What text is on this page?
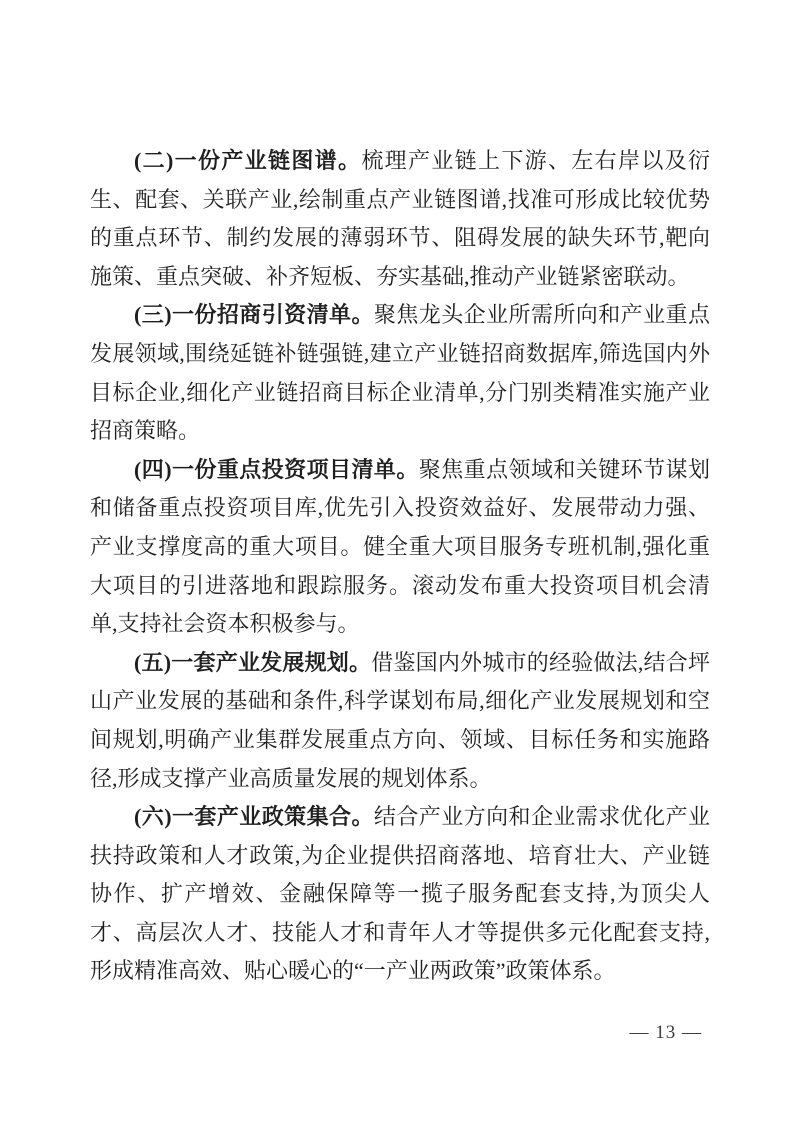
(二)一份产业链图谱。梳理产业链上下游、左右岸以及衍生、配套、关联产业,绘制重点产业链图谱,找准可形成比较优势的重点环节、制约发展的薄弱环节、阻碍发展的缺失环节,靶向施策、重点突破、补齐短板、夯实基础,推动产业链紧密联动。

(三)一份招商引资清单。聚焦龙头企业所需所向和产业重点发展领域,围绕延链补链强链,建立产业链招商数据库,筛选国内外目标企业,细化产业链招商目标企业清单,分门别类精准实施产业招商策略。

(四)一份重点投资项目清单。聚焦重点领域和关键环节谋划和储备重点投资项目库,优先引入投资效益好、发展带动力强、产业支撑度高的重大项目。健全重大项目服务专班机制,强化重大项目的引进落地和跟踪服务。滚动发布重大投资项目机会清单,支持社会资本积极参与。

(五)一套产业发展规划。借鉴国内外城市的经验做法,结合坪山产业发展的基础和条件,科学谋划布局,细化产业发展规划和空间规划,明确产业集群发展重点方向、领域、目标任务和实施路径,形成支撑产业高质量发展的规划体系。

(六)一套产业政策集合。结合产业方向和企业需求优化产业扶持政策和人才政策,为企业提供招商落地、培育壮大、产业链协作、扩产增效、金融保障等一揽子服务配套支持,为顶尖人才、高层次人才、技能人才和青年人才等提供多元化配套支持,形成精准高效、贴心暖心的“一产业两政策”政策体系。

— 13 —
